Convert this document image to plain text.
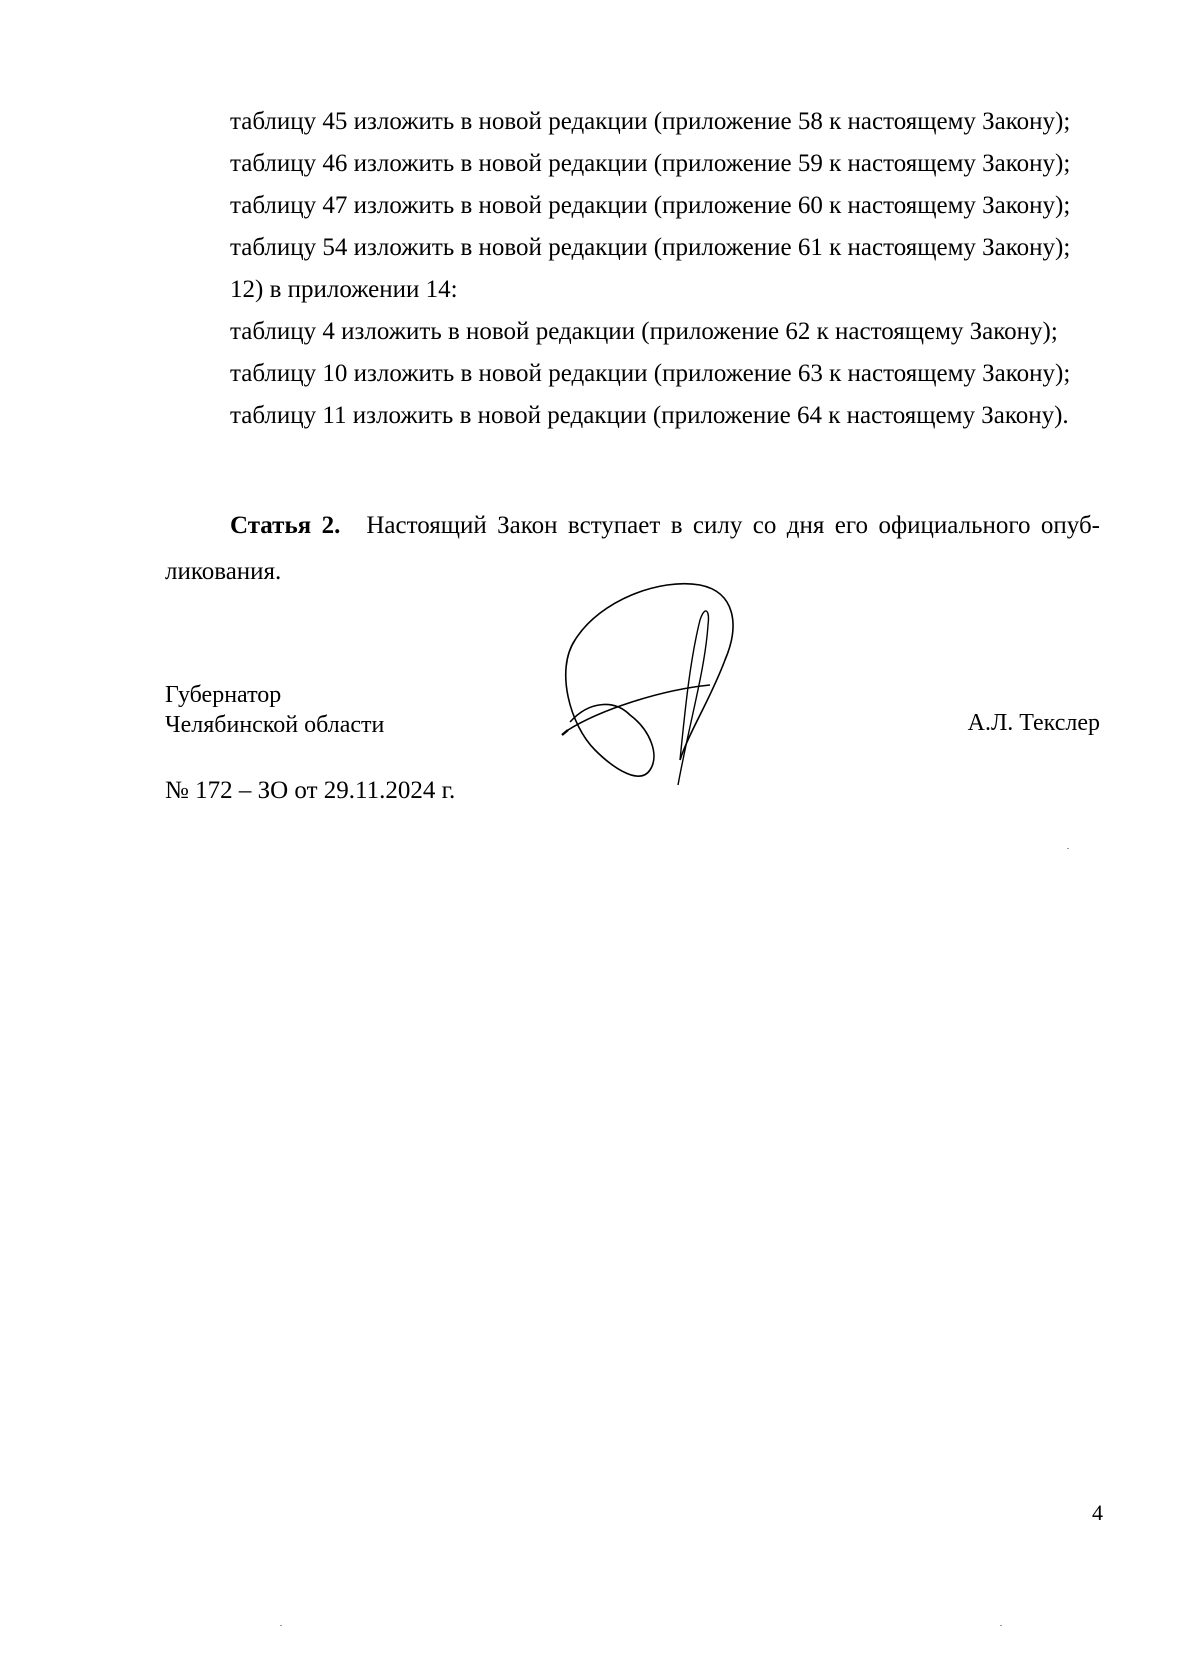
таблицу 45 изложить в новой редакции (приложение 58 к настоящему Закону);
таблицу 46 изложить в новой редакции (приложение 59 к настоящему Закону);
таблицу 47 изложить в новой редакции (приложение 60 к настоящему Закону);
таблицу 54 изложить в новой редакции (приложение 61 к настоящему Закону);
12) в приложении 14:
таблицу 4 изложить в новой редакции (приложение 62 к настоящему Закону);
таблицу 10 изложить в новой редакции (приложение 63 к настоящему Закону);
таблицу 11 изложить в новой редакции (приложение 64 к настоящему Закону).
Статья 2. Настоящий Закон вступает в силу со дня его официального опуб-ликования.
Губернатор
Челябинской области	А.Л. Текслер
№ 172 – ЗО от 29.11.2024 г.
4
